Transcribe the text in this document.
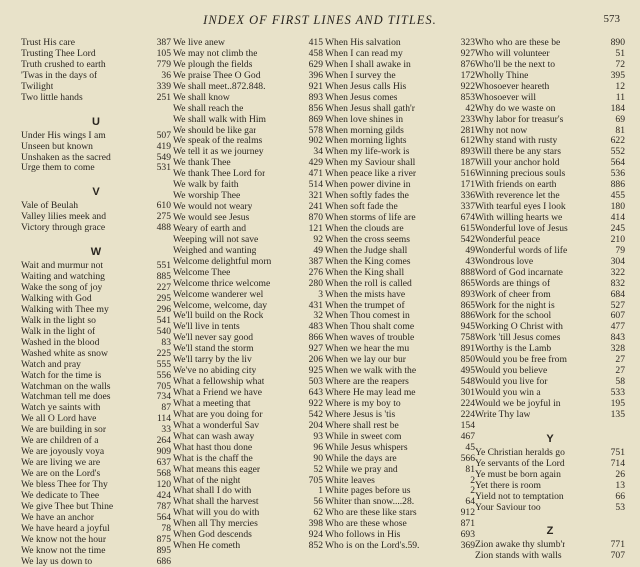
INDEX OF FIRST LINES AND TITLES.	573
Trust His care	387
Trusting Thee Lord	105
Truth crushed to earth	779
'Twas in the days of	36
Twilight	339
Two little hands	251
U
Under His wings I am	507
Unseen but known	419
Unshaken as the sacred	549
Urge them to come	531
V
Vale of Beulah	610
Valley lilies meek and	275
Victory through grace	488
W
Wait and murmur not	551
Waiting and watching	885
Wake the song of joy	227
Walking with God	295
Walking with Thee my	296
Walk in the light so	541
Walk in the light of	540
Washed in the blood	83
Washed white as snow	225
Watch and pray	555
Watch for the time is	556
Watchman on the walls	705
Watchman tell me does	734
Watch ye saints with	87
We all O Lord have	114
We are building in sor	33
We are children of a	264
We are joyously voya	909
We are living we are	637
We are on the Lord's	568
We bless Thee for Thy	120
We dedicate to Thee	424
We give Thee but Thine	787
We have an anchor	564
We have heard a joyful	78
We know not the hour	875
We know not the time	895
We lay us down to	686
We live anew	415
We may not climb the	458
We plough the fields	629
We praise Thee O God	396
We shall meet..872.848.	921
We shall know	893
We shall reach the	856
We shall walk with Him	869
We should be like gar	578
We speak of the realms	902
We tell it as we journey	34
We thank Thee	429
We thank Thee Lord for	471
We walk by faith	514
We worship Thee	321
We would not weary	241
We would see Jesus	870
Weary of earth and	121
Weeping will not save	92
Weighed and wanting	49
Welcome delightful morn	387
Welcome Thee	276
Welcome thrice welcome	280
Welcome wanderer wel	3
Welcome, welcome, day	431
We'll build on the Rock	32
We'll live in tents	483
We'll never say good	866
We'll stand the storm	927
We'll tarry by the liv	206
We've no abiding city	925
What a fellowship what	503
What a Friend we have	643
What a meeting that	922
What are you doing for	542
What a wonderful Sav	204
What can wash away	93
What hast thou done	96
What is the chaff the	90
What means this eager	52
What of the night	705
What shall I do with	1
What shall the harvest	56
What will you do with	62
When all Thy mercies	398
When God descends	924
When He cometh	852
When His salvation	323
When I can read my	927
When I shall awake in	876
When I survey the	172
When Jesus calls His	922
When Jesus comes	853
When Jesus shall gath'r	42
When love shines in	233
When morning gilds	281
When morning lights	612
When my life-work is	893
When my Saviour shall	187
When peace like a river	516
When power divine in	171
When softly fades the	336
When soft fade the	337
When storms of life are	674
When the clouds are	615
When the cross seems	542
When the Judge shall	49
When the King comes	43
When the King shall	888
When the roll is called	865
When the mists have	893
When the trumpet of	865
When Thou comest in	886
When Thou shalt come	945
When waves of trouble	758
When we hear the mu	891
When we lay our bur	850
When we walk with the	495
Where are the reapers	548
Where He may lead me	301
Where is my boy to	224
Where Jesus is 'tis	224
Where shall rest be	154
While in sweet com	467
While Jesus whispers	45
While the days are	566
While we pray and	81
White leaves	2
White pages before us	2
Whiter than snow....28.	64
Who are these like stars	912
Who are these whose	871
Who follows in His	693
Who is on the Lord's.59.	369
Who who are these be	890
Who will volunteer	51
Who'll be the next to	72
Wholly Thine	395
Whosoever heareth	12
Whosoever will	11
Why do we waste on	184
Why labor for treasur's	69
Why not now	81
Why stand with rusty	622
Will there be any stars	552
Will your anchor hold	564
Winning precious souls	536
With friends on earth	886
With reverence let the	455
With tearful eyes I look	180
With willing hearts we	414
Wonderful love of Jesus	245
Wonderful peace	210
Wonderful words of life	79
Wondrous love	304
Word of God incarnate	322
Words are things of	832
Work of cheer from	684
Work for the night is	527
Work for the school	607
Working O Christ with	477
Work 'till Jesus comes	843
Worthy is the Lamb	328
Would you be free from	27
Would you believe	27
Would you live for	58
Would you win a	533
Would we be joyful in	195
Write Thy law	135
Y
Ye Christian heralds go	751
Ye servants of the Lord	714
Ye must be born again	26
Yet there is room	13
Yield not to temptation	66
Your Saviour too	53
Z
Zion awake thy slumb'r	771
Zion stands with walls	707
